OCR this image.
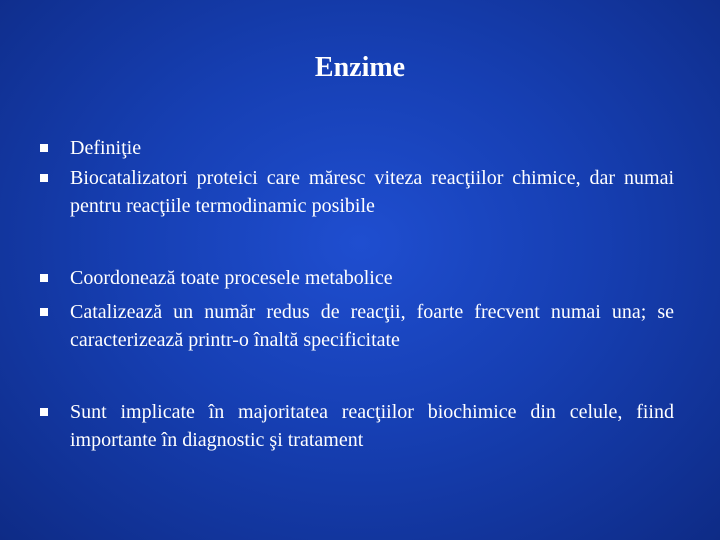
Enzime
Definiţie
Biocatalizatori proteici care măresc viteza reacţiilor chimice, dar numai pentru reacţiile termodinamic posibile
Coordonează toate procesele metabolice
Catalizează un număr redus de reacţii, foarte frecvent numai una; se caracterizează printr-o înaltă specificitate
Sunt implicate în majoritatea reacţiilor biochimice din celule, fiind importante în diagnostic şi tratament
